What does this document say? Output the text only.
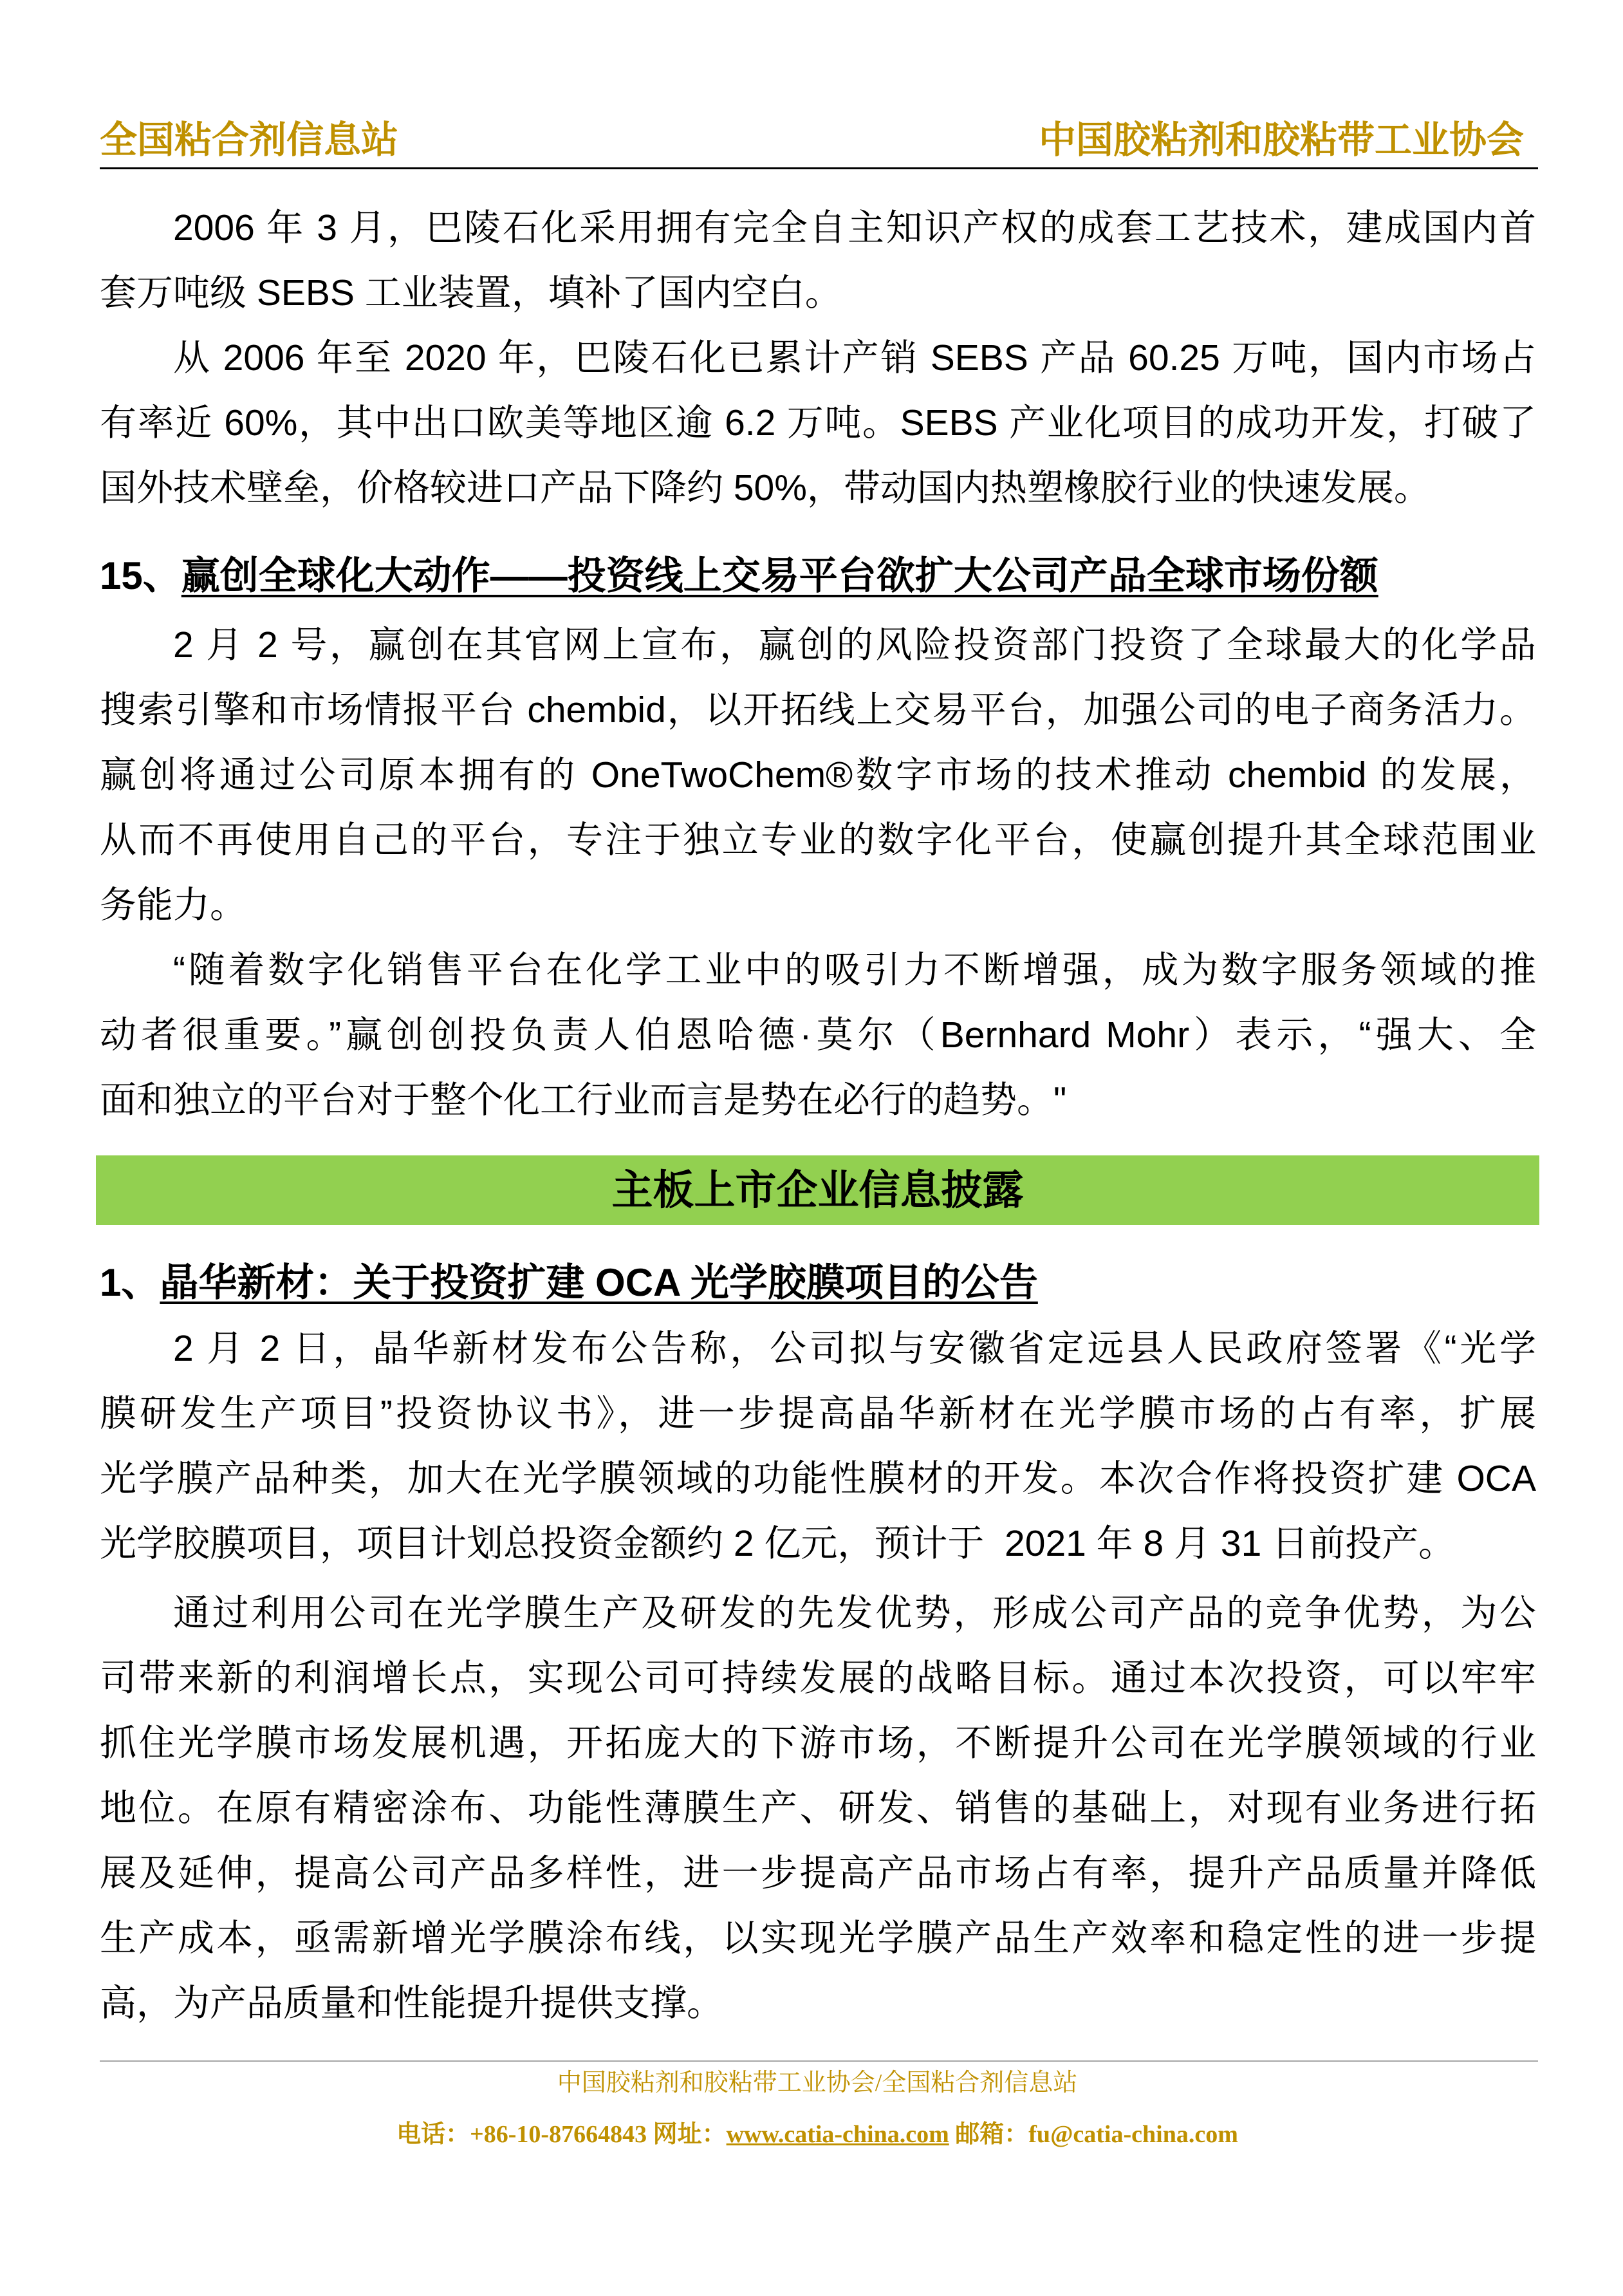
全国粘合剂信息站	中国胶粘剂和胶粘带工业协会
2006 年 3 月，巴陵石化采用拥有完全自主知识产权的成套工艺技术，建成国内首
套万吨级 SEBS 工业装置，填补了国内空白。
从 2006 年至 2020 年，巴陵石化已累计产销 SEBS 产品 60.25 万吨，国内市场占
有率近 60%，其中出口欧美等地区逾 6.2 万吨。SEBS 产业化项目的成功开发，打破了
国外技术壁垒，价格较进口产品下降约 50%，带动国内热塑橡胶行业的快速发展。
15、赢创全球化大动作——投资线上交易平台欲扩大公司产品全球市场份额
2 月 2 号，赢创在其官网上宣布，赢创的风险投资部门投资了全球最大的化学品
搜索引擎和市场情报平台 chembid，以开拓线上交易平台，加强公司的电子商务活力。
赢创将通过公司原本拥有的 OneTwoChem®数字市场的技术推动 chembid 的发展，
从而不再使用自己的平台，专注于独立专业的数字化平台，使赢创提升其全球范围业
务能力。
“随着数字化销售平台在化学工业中的吸引力不断增强，成为数字服务领域的推
动者很重要。”赢创创投负责人伯恩哈德·莫尔（Bernhard Mohr）表示，“强大、全
面和独立的平台对于整个化工行业而言是势在必行的趋势。"
主板上市企业信息披露
1、晶华新材：关于投资扩建 OCA 光学胶膜项目的公告
2 月 2 日，晶华新材发布公告称，公司拟与安徽省定远县人民政府签署《“光学
膜研发生产项目”投资协议书》，进一步提高晶华新材在光学膜市场的占有率，扩展
光学膜产品种类，加大在光学膜领域的功能性膜材的开发。本次合作将投资扩建 OCA
光学胶膜项目，项目计划总投资金额约 2 亿元，预计于  2021 年 8 月 31 日前投产。
通过利用公司在光学膜生产及研发的先发优势，形成公司产品的竞争优势，为公
司带来新的利润增长点，实现公司可持续发展的战略目标。通过本次投资，可以牢牢
抓住光学膜市场发展机遇，开拓庞大的下游市场，不断提升公司在光学膜领域的行业
地位。在原有精密涂布、功能性薄膜生产、研发、销售的基础上，对现有业务进行拓
展及延伸，提高公司产品多样性，进一步提高产品市场占有率，提升产品质量并降低
生产成本，亟需新增光学膜涂布线，以实现光学膜产品生产效率和稳定性的进一步提
高，为产品质量和性能提升提供支撑。
中国胶粘剂和胶粘带工业协会/全国粘合剂信息站
电话：+86-10-87664843 网址：www.catia-china.com 邮箱：fu@catia-china.com
